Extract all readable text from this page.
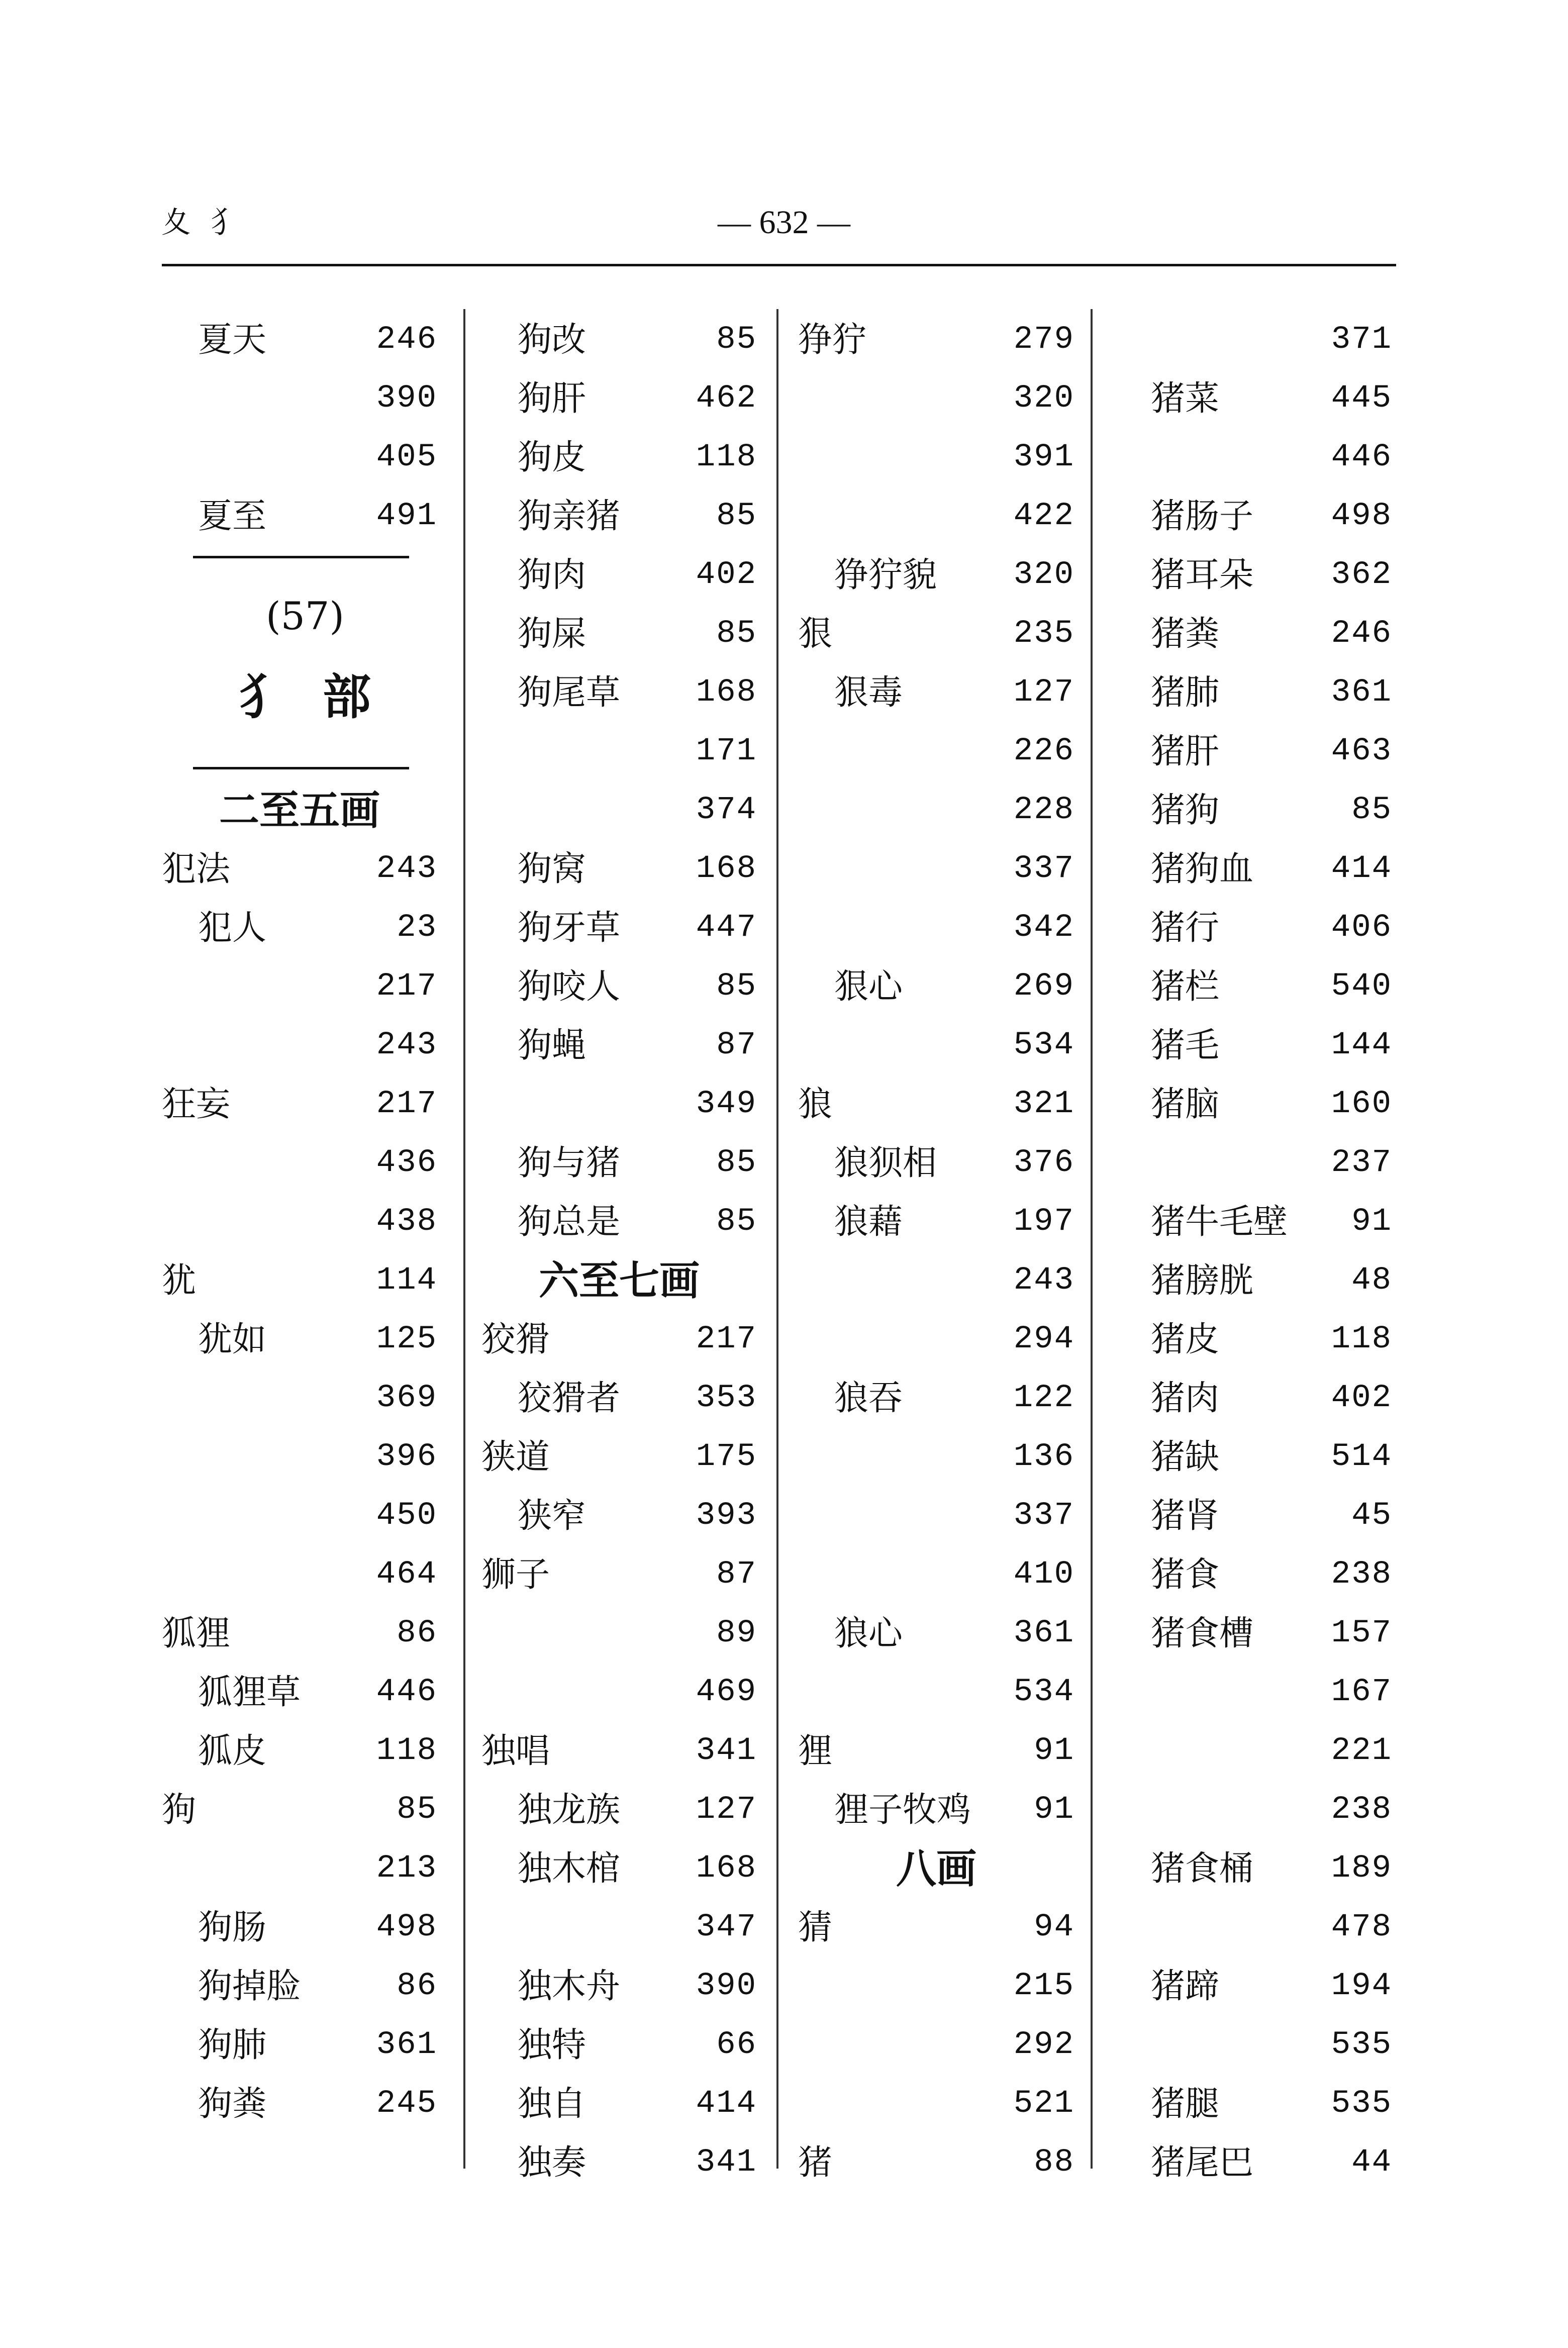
夊 犭	— 632 —
夏天	246
390
405
夏至	491
(57)
犭部
二至五画
犯法	243
犯人	23
217
243
狂妄	217
436
438
犹	114
犹如	125
369
396
450
464
狐狸	86
狐狸草 446
狐皮	118
狗	85
213
狗肠	498
狗掉脸	86
狗肺	361
狗粪	245
狗改	85
狗肝	462
狗皮	118
狗亲猪	85
狗肉	402
狗屎	85
狗尾草 168
171
374
狗窝	168
狗牙草 447
狗咬人	85
狗蝇	87
349
狗与猪	85
狗总是	85
六至七画
狡猾	217
狡猾者 353
狭道	175
狭窄	393
狮子	87
89
469
独唱	341
独龙族 127
独木棺 168
347
独木舟 390
独特	66
独自	414
独奏	341
狰狞	279
320
391
422
狰狞貌 320
狠	235
狠毒	127
226
228
337
342
狠心	269
534
狼	321
狼狈相 376
狼藉	197
243
294
狼吞	122
136
337
410
狼心	361
534
狸	91
狸子牧鸡 91
八画
猜	94
215
292
521
猪	88
371
猪菜	445
446
猪肠子 498
猪耳朵 362
猪粪	246
猪肺	361
猪肝	463
猪狗	85
猪狗血 414
猪行	406
猪栏	540
猪毛	144
猪脑	160
237
猪牛毛壁 91
猪膀胱	48
猪皮	118
猪肉	402
猪缺	514
猪肾	45
猪食	238
猪食槽 157
167
221
238
猪食桶 189
478
猪蹄	194
535
猪腿	535
猪尾巴	44
